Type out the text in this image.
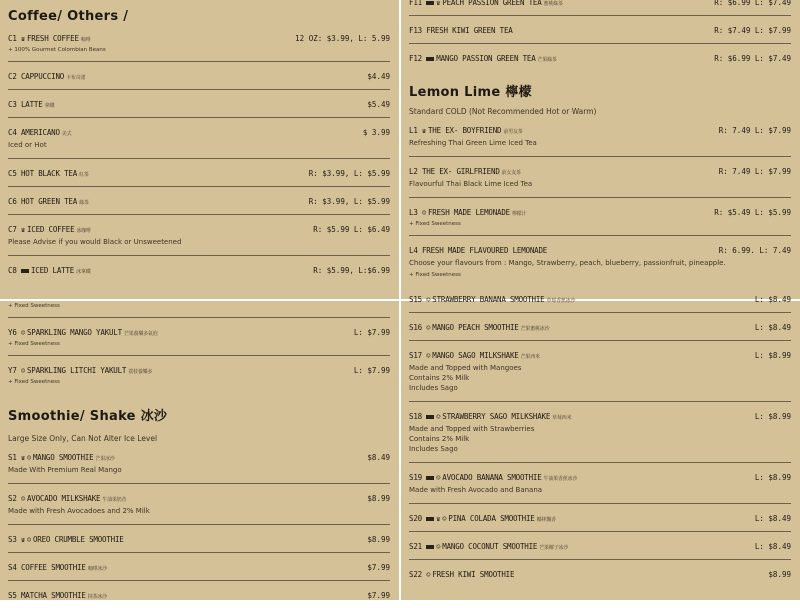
Coffee/ Others /
C1 ♛ FRESH COFFEE 咖啡	12 OZ: $3.99, L: 5.99
+ 100% Gourmet Colombian Beans
C2 CAPPUCCINO 卡布奇諾	$4.49
C3 LATTE 拿鐵	$5.49
C4 AMERICANO 美式	$ 3.99
Iced or Hot
C5 HOT BLACK TEA 紅茶	R: $3.99, L: $5.99
C6 HOT GREEN TEA 綠茶	R: $3.99, L: $5.99
C7 ♛ ICED COFFEE 冰咖啡	R: $5.99 L: $6.49
Please Advise if you would Black or Unsweetened
C8 ICED LATTE 冰拿鐵	R: $5.99, L:$6.99
F11 ♛ PEACH PASSION GREEN TEA 蜜桃綠茶	R: $6.99 L: $7.49
F13 FRESH KIWI GREEN TEA	R: $7.49 L: $7.99
F12 MANGO PASSION GREEN TEA 芒果綠茶	R: $6.99 L: $7.49
Lemon Lime 檸檬
Standard COLD (Not Recommended Hot or Warm)
L1 ♛ THE EX- BOYFRIEND 前男友茶	R: 7.49 L: $7.99
Refreshing Thai Green Lime Iced Tea
L2 THE EX- GIRLFRIEND 前女友茶	R: 7.49 L: $7.99
Flavourful Thai Black Lime Iced Tea
L3 ☺ FRESH MADE LEMONADE 檸檬汁	R: $5.49 L: $5.99
+ Fixed Sweetness
L4 FRESH MADE FLAVOURED LEMONADE	R: 6.99. L: 7.49
Choose your flavours from : Mango, Strawberry, peach, blueberry, passionfruit, pineapple.
+ Fixed Sweetness
+ Fixed Sweetness
Y6 ☺ SPARKLING MANGO YAKULT 芒果養樂多氣泡	L: $7.99
+ Fixed Sweetness
Y7 ☺ SPARKLING LITCHI YAKULT 荔枝養樂多	L: $7.99
+ Fixed Sweetness
Smoothie/ Shake 冰沙
Large Size Only, Can Not Alter Ice Level
S1 ♛ ☺ MANGO SMOOTHIE 芒果冰沙	$8.49
Made With Premium Real Mango
S2 ☺ AVOCADO MILKSHAKE 牛油果奶昔	$8.99
Made with Fresh Avocadoes and 2% Milk
S3 ♛ ☺ OREO CRUMBLE SMOOTHIE	$8.99
S4 COFFEE SMOOTHIE 咖啡冰沙	$7.99
S5 MATCHA SMOOTHIE 抹茶冰沙	$7.99
S15 ☺ STRAWBERRY BANANA SMOOTHIE 草莓香蕉冰沙	L: $8.49
S16 ☺ MANGO PEACH SMOOTHIE 芒果蜜桃冰沙	L: $8.49
S17 ☺ MANGO SAGO MILKSHAKE 芒果西米	L: $8.99
Made and Topped with Mangoes
Contains 2% Milk
Includes Sago
S18 ☺ STRAWBERRY SAGO MILKSHAKE 草莓西米	L: $8.99
Made and Topped with Strawberries
Contains 2% Milk
Includes Sago
S19 ☺ AVOCADO BANANA SMOOTHIE 牛油果香蕉冰沙	L: $8.99
Made with Fresh Avocado and Banana
S20 ♛ ☺ PINA COLADA SMOOTHIE 椰林飄香	L: $8.49
S21 ☺ MANGO COCONUT SMOOTHIE 芒果椰子冰沙	L: $8.49
S22 ☺ FRESH KIWI SMOOTHIE	$8.99
